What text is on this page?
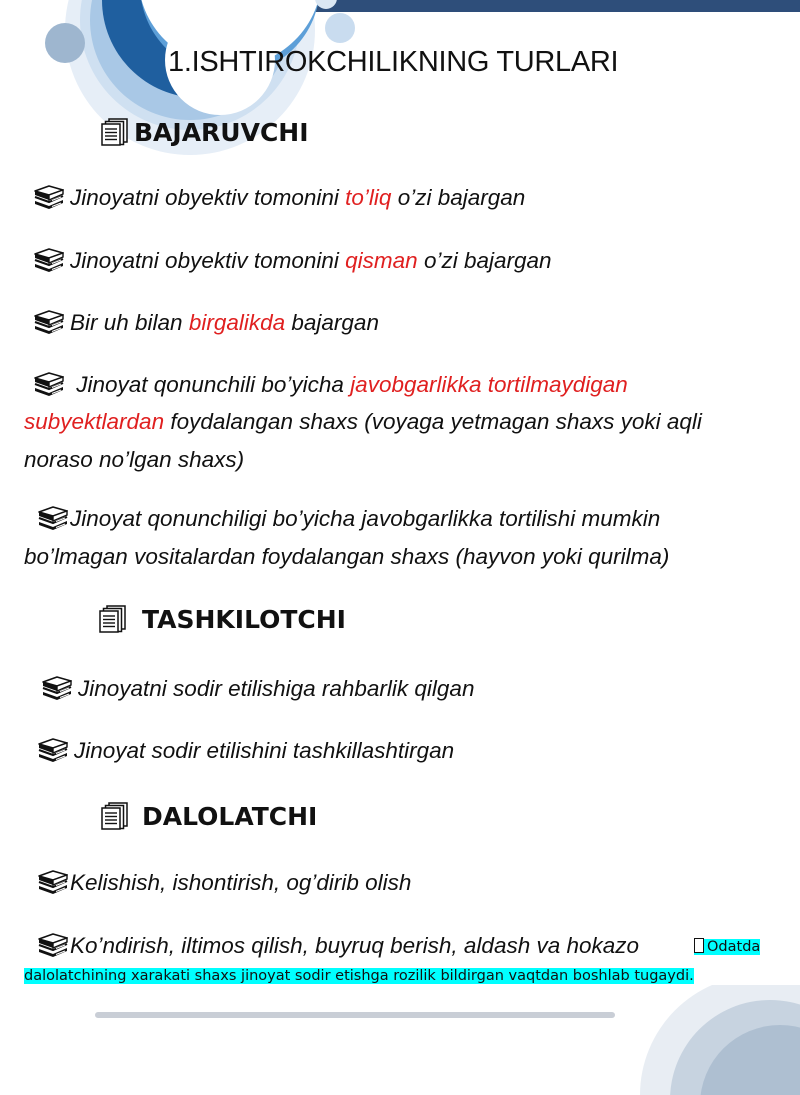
1.ISHTIROKCHILIKNING TURLARI
BAJARUVCHI
Jinoyatni obyektiv tomonini to’liq o’zi bajargan
Jinoyatni obyektiv tomonini qisman o’zi bajargan
Bir uh bilan birgalikda bajargan
Jinoyat qonunchili bo’yicha javobgarlikka tortilmaydigan
subyektlardan foydalangan shaxs (voyaga yetmagan shaxs yoki aqli
noraso no’lgan shaxs)
Jinoyat qonunchiligi bo’yicha javobgarlikka tortilishi mumkin
bo’lmagan vositalardan foydalangan shaxs (hayvon yoki qurilma)
TASHKILOTCHI
Jinoyatni sodir etilishiga rahbarlik qilgan
Jinoyat sodir etilishini tashkillashtirgan
DALOLATCHI
Kelishish, ishontirish, og’dirib olish
Ko’ndirish, iltimos qilish, buyruq berish, aldash va hokazo	Odatda
dalolatchining xarakati shaxs jinoyat sodir etishga rozilik bildirgan vaqtdan boshlab tugaydi.
